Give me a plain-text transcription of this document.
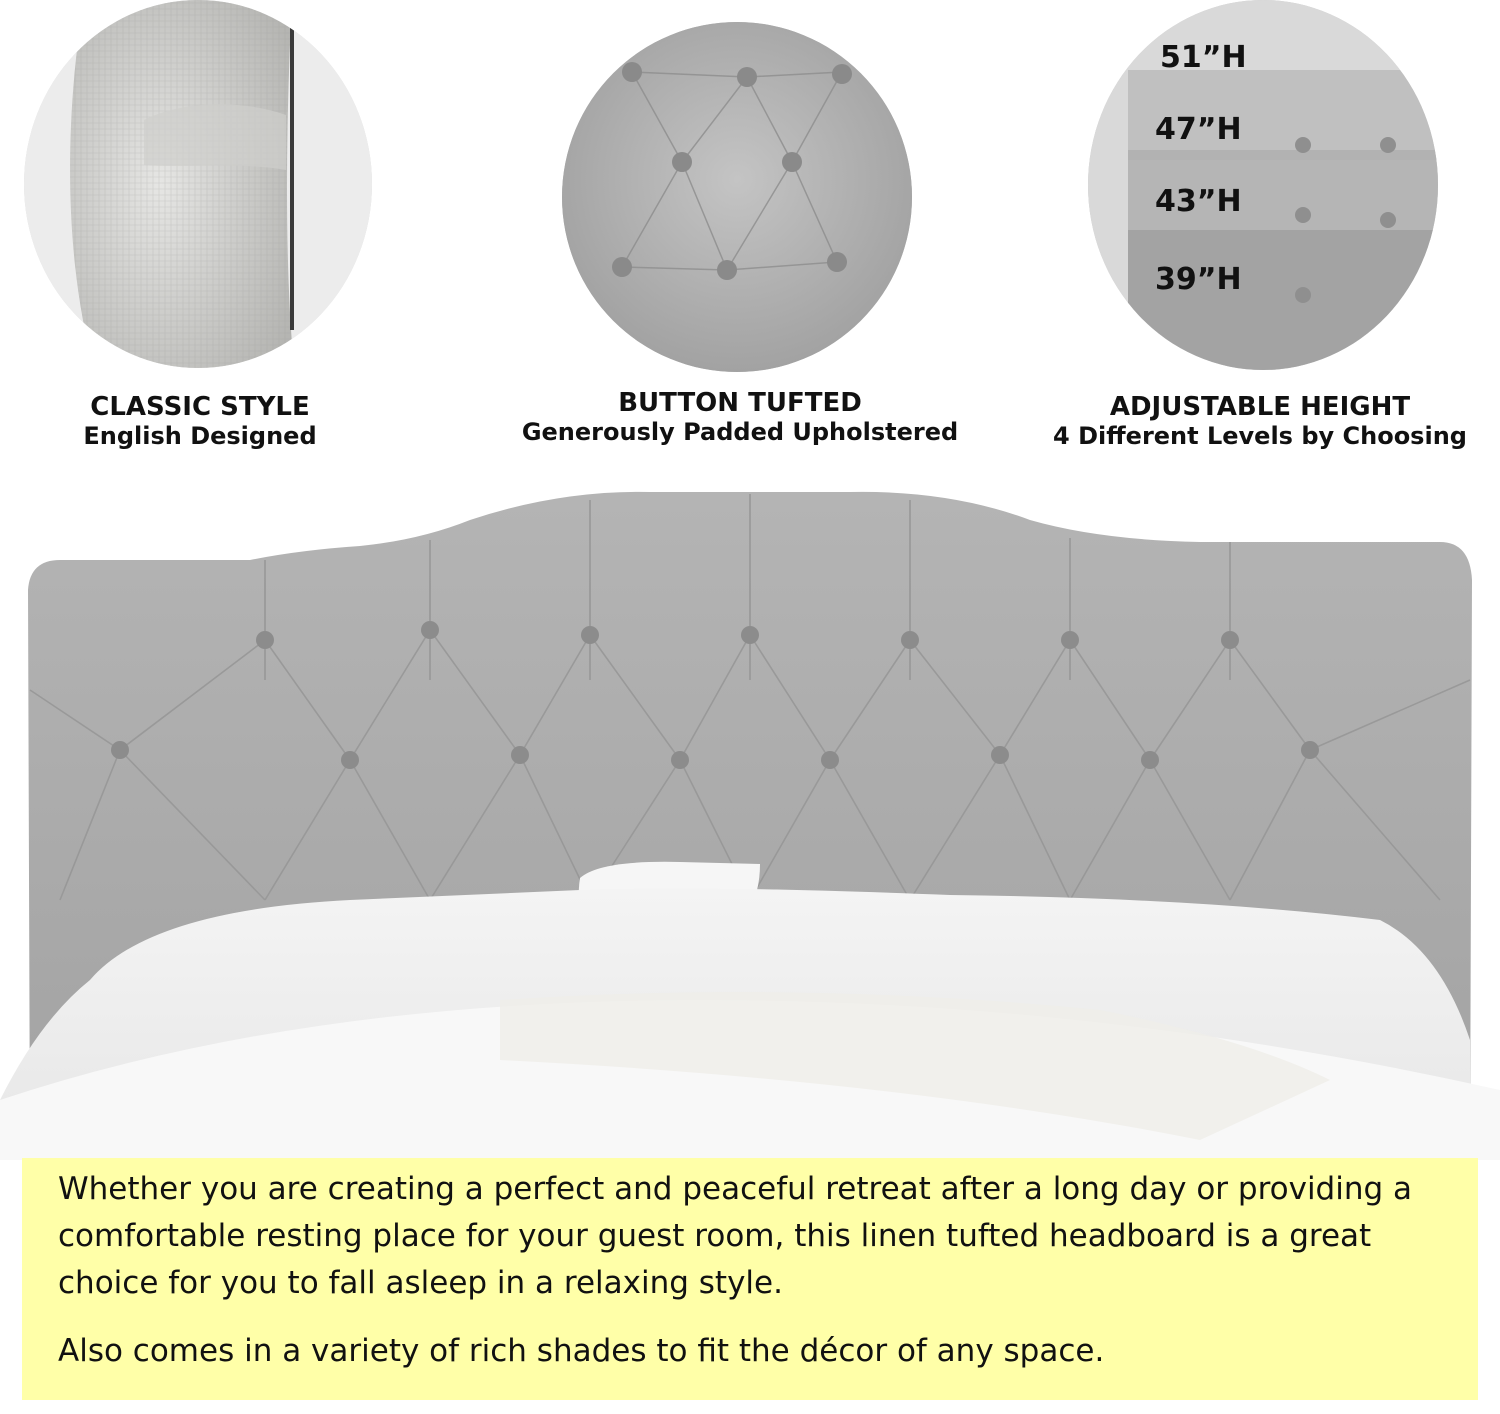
CLASSIC STYLE
English Designed
BUTTON TUFTED
Generously Padded Upholstered
51”H
47”H
43”H
39”H
ADJUSTABLE HEIGHT
4 Different Levels by Choosing

Whether you are creating a perfect and peaceful retreat after a long day or providing a comfortable resting place for your guest room, this linen tufted headboard is a great choice for you to fall asleep in a relaxing style.

Also comes in a variety of rich shades to fit the décor of any space.
